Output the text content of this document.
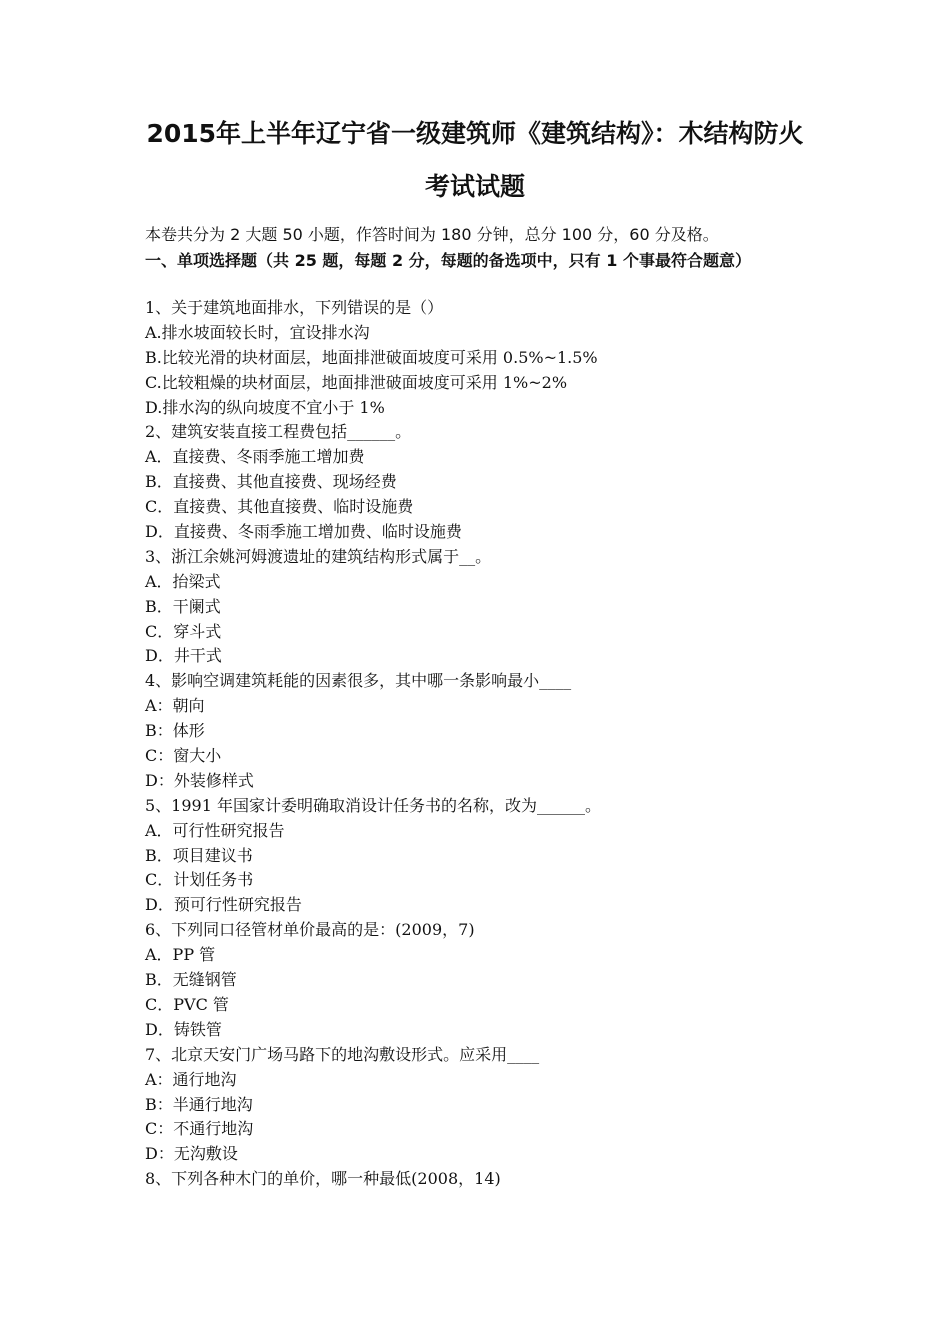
2015年上半年辽宁省一级建筑师《建筑结构》：木结构防火
考试试题
本卷共分为 2 大题 50 小题，作答时间为 180 分钟，总分 100 分，60 分及格。
一、单项选择题（共 25 题，每题 2 分，每题的备选项中，只有 1 个事最符合题意）
1、关于建筑地面排水，下列错误的是（）
A.排水坡面较长时，宜设排水沟
B.比较光滑的块材面层，地面排泄破面坡度可采用 0.5%~1.5%
C.比较粗燥的块材面层，地面排泄破面坡度可采用 1%~2%
D.排水沟的纵向坡度不宜小于 1%
2、建筑安装直接工程费包括______。
A．直接费、冬雨季施工增加费
B．直接费、其他直接费、现场经费
C．直接费、其他直接费、临时设施费
D．直接费、冬雨季施工增加费、临时设施费
3、浙江余姚河姆渡遗址的建筑结构形式属于__。
A．抬梁式
B．干阑式
C．穿斗式
D．井干式
4、影响空调建筑耗能的因素很多，其中哪一条影响最小____
A：朝向
B：体形
C：窗大小
D：外装修样式
5、1991 年国家计委明确取消设计任务书的名称，改为______。
A．可行性研究报告
B．项目建议书
C．计划任务书
D．预可行性研究报告
6、下列同口径管材单价最高的是：(2009，7)
A．PP 管
B．无缝钢管
C．PVC 管
D．铸铁管
7、北京天安门广场马路下的地沟敷设形式。应采用____
A：通行地沟
B：半通行地沟
C：不通行地沟
D：无沟敷设
8、下列各种木门的单价，哪一种最低(2008，14)
